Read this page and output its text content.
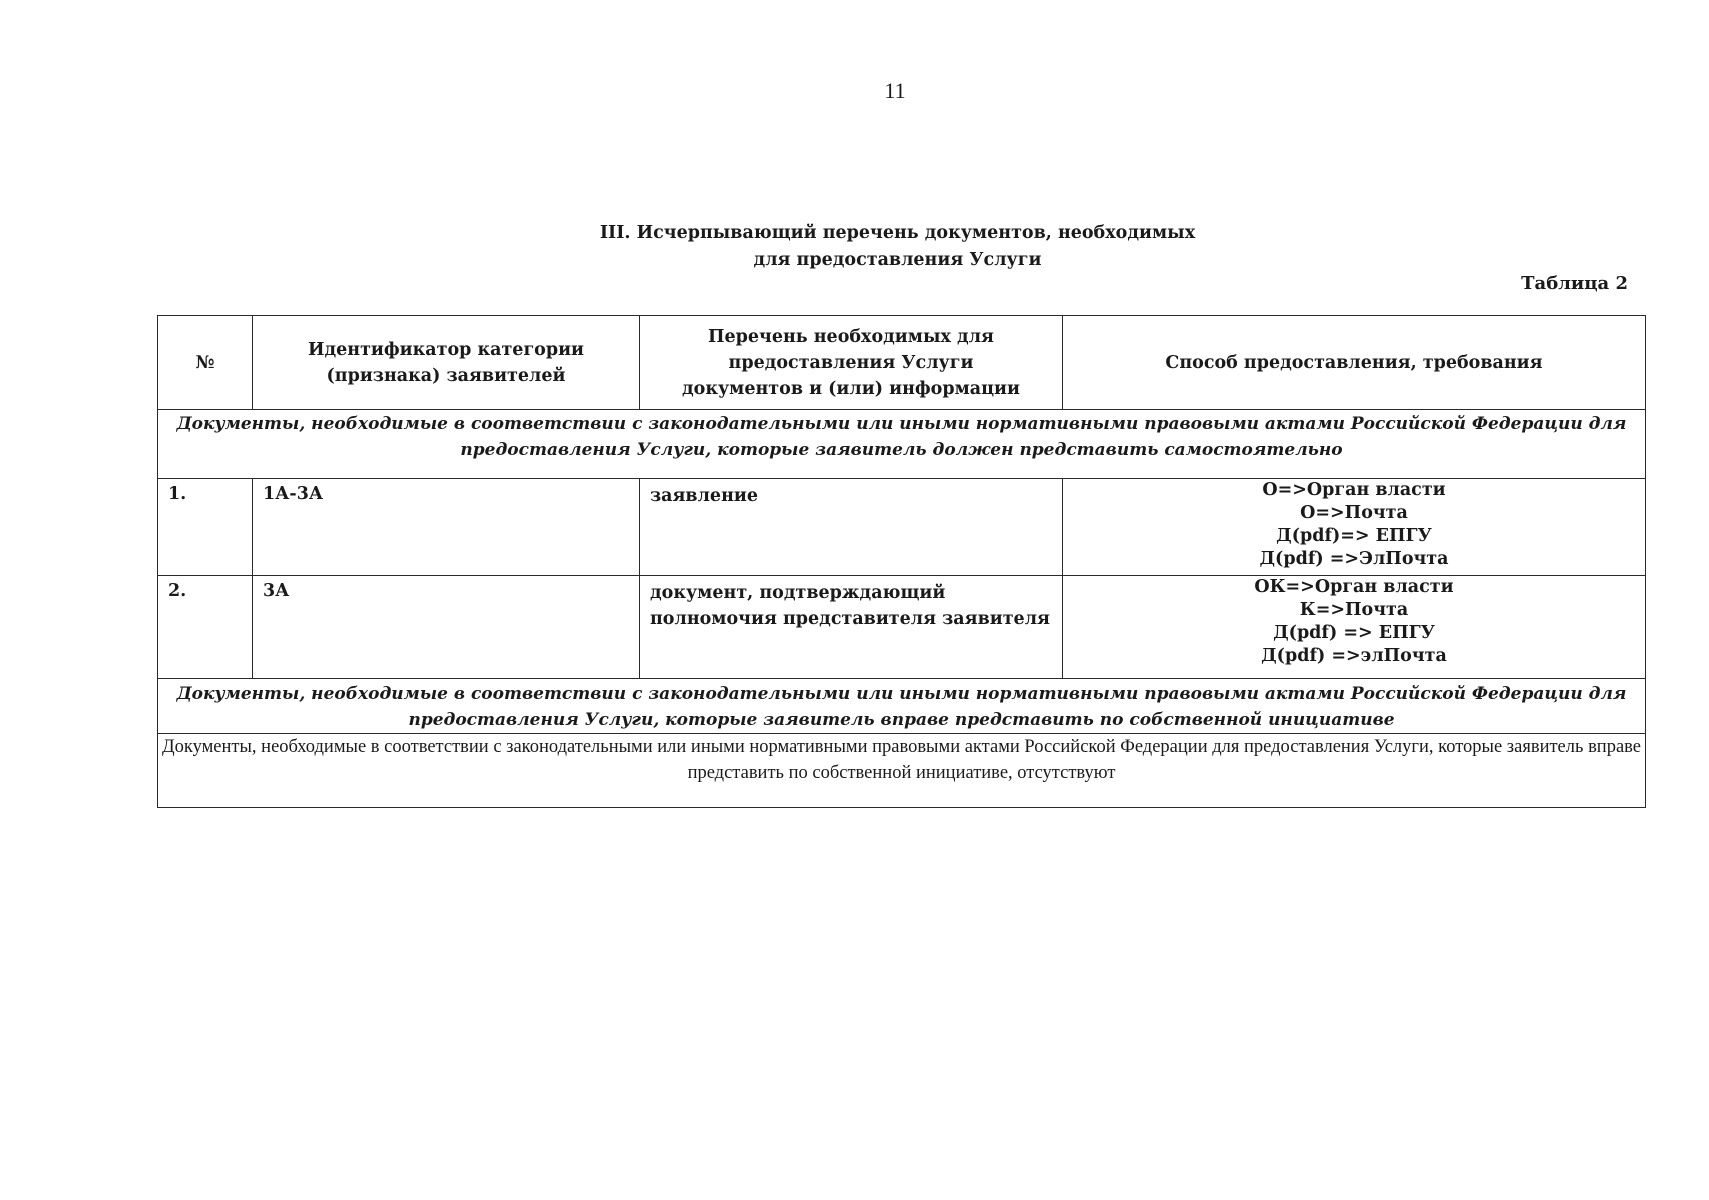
11
III. Исчерпывающий перечень документов, необходимых
для предоставления Услуги
Таблица 2
№	Идентификатор категории (признака) заявителей	Перечень необходимых для предоставления Услуги документов и (или) информации	Способ предоставления, требования
Документы, необходимые в соответствии с законодательными или иными нормативными правовыми актами Российской Федерации для предоставления Услуги, которые заявитель должен представить самостоятельно			
1.	1А-3А	заявление	О=>Орган власти
О=>Почта
Д(pdf)=> ЕПГУ
Д(pdf) =>ЭлПочта

2.	3А	документ, подтверждающий полномочия представителя заявителя	ОК=>Орган власти
К=>Почта
Д(pdf) => ЕПГУ
Д(pdf) =>элПочта

Документы, необходимые в соответствии с законодательными или иными нормативными правовыми актами Российской Федерации для предоставления Услуги, которые заявитель вправе представить по собственной инициативе			
Документы, необходимые в соответствии с законодательными или иными нормативными правовыми актами Российской Федерации для предоставления Услуги, которые заявитель вправе представить по собственной инициативе, отсутствуют			
